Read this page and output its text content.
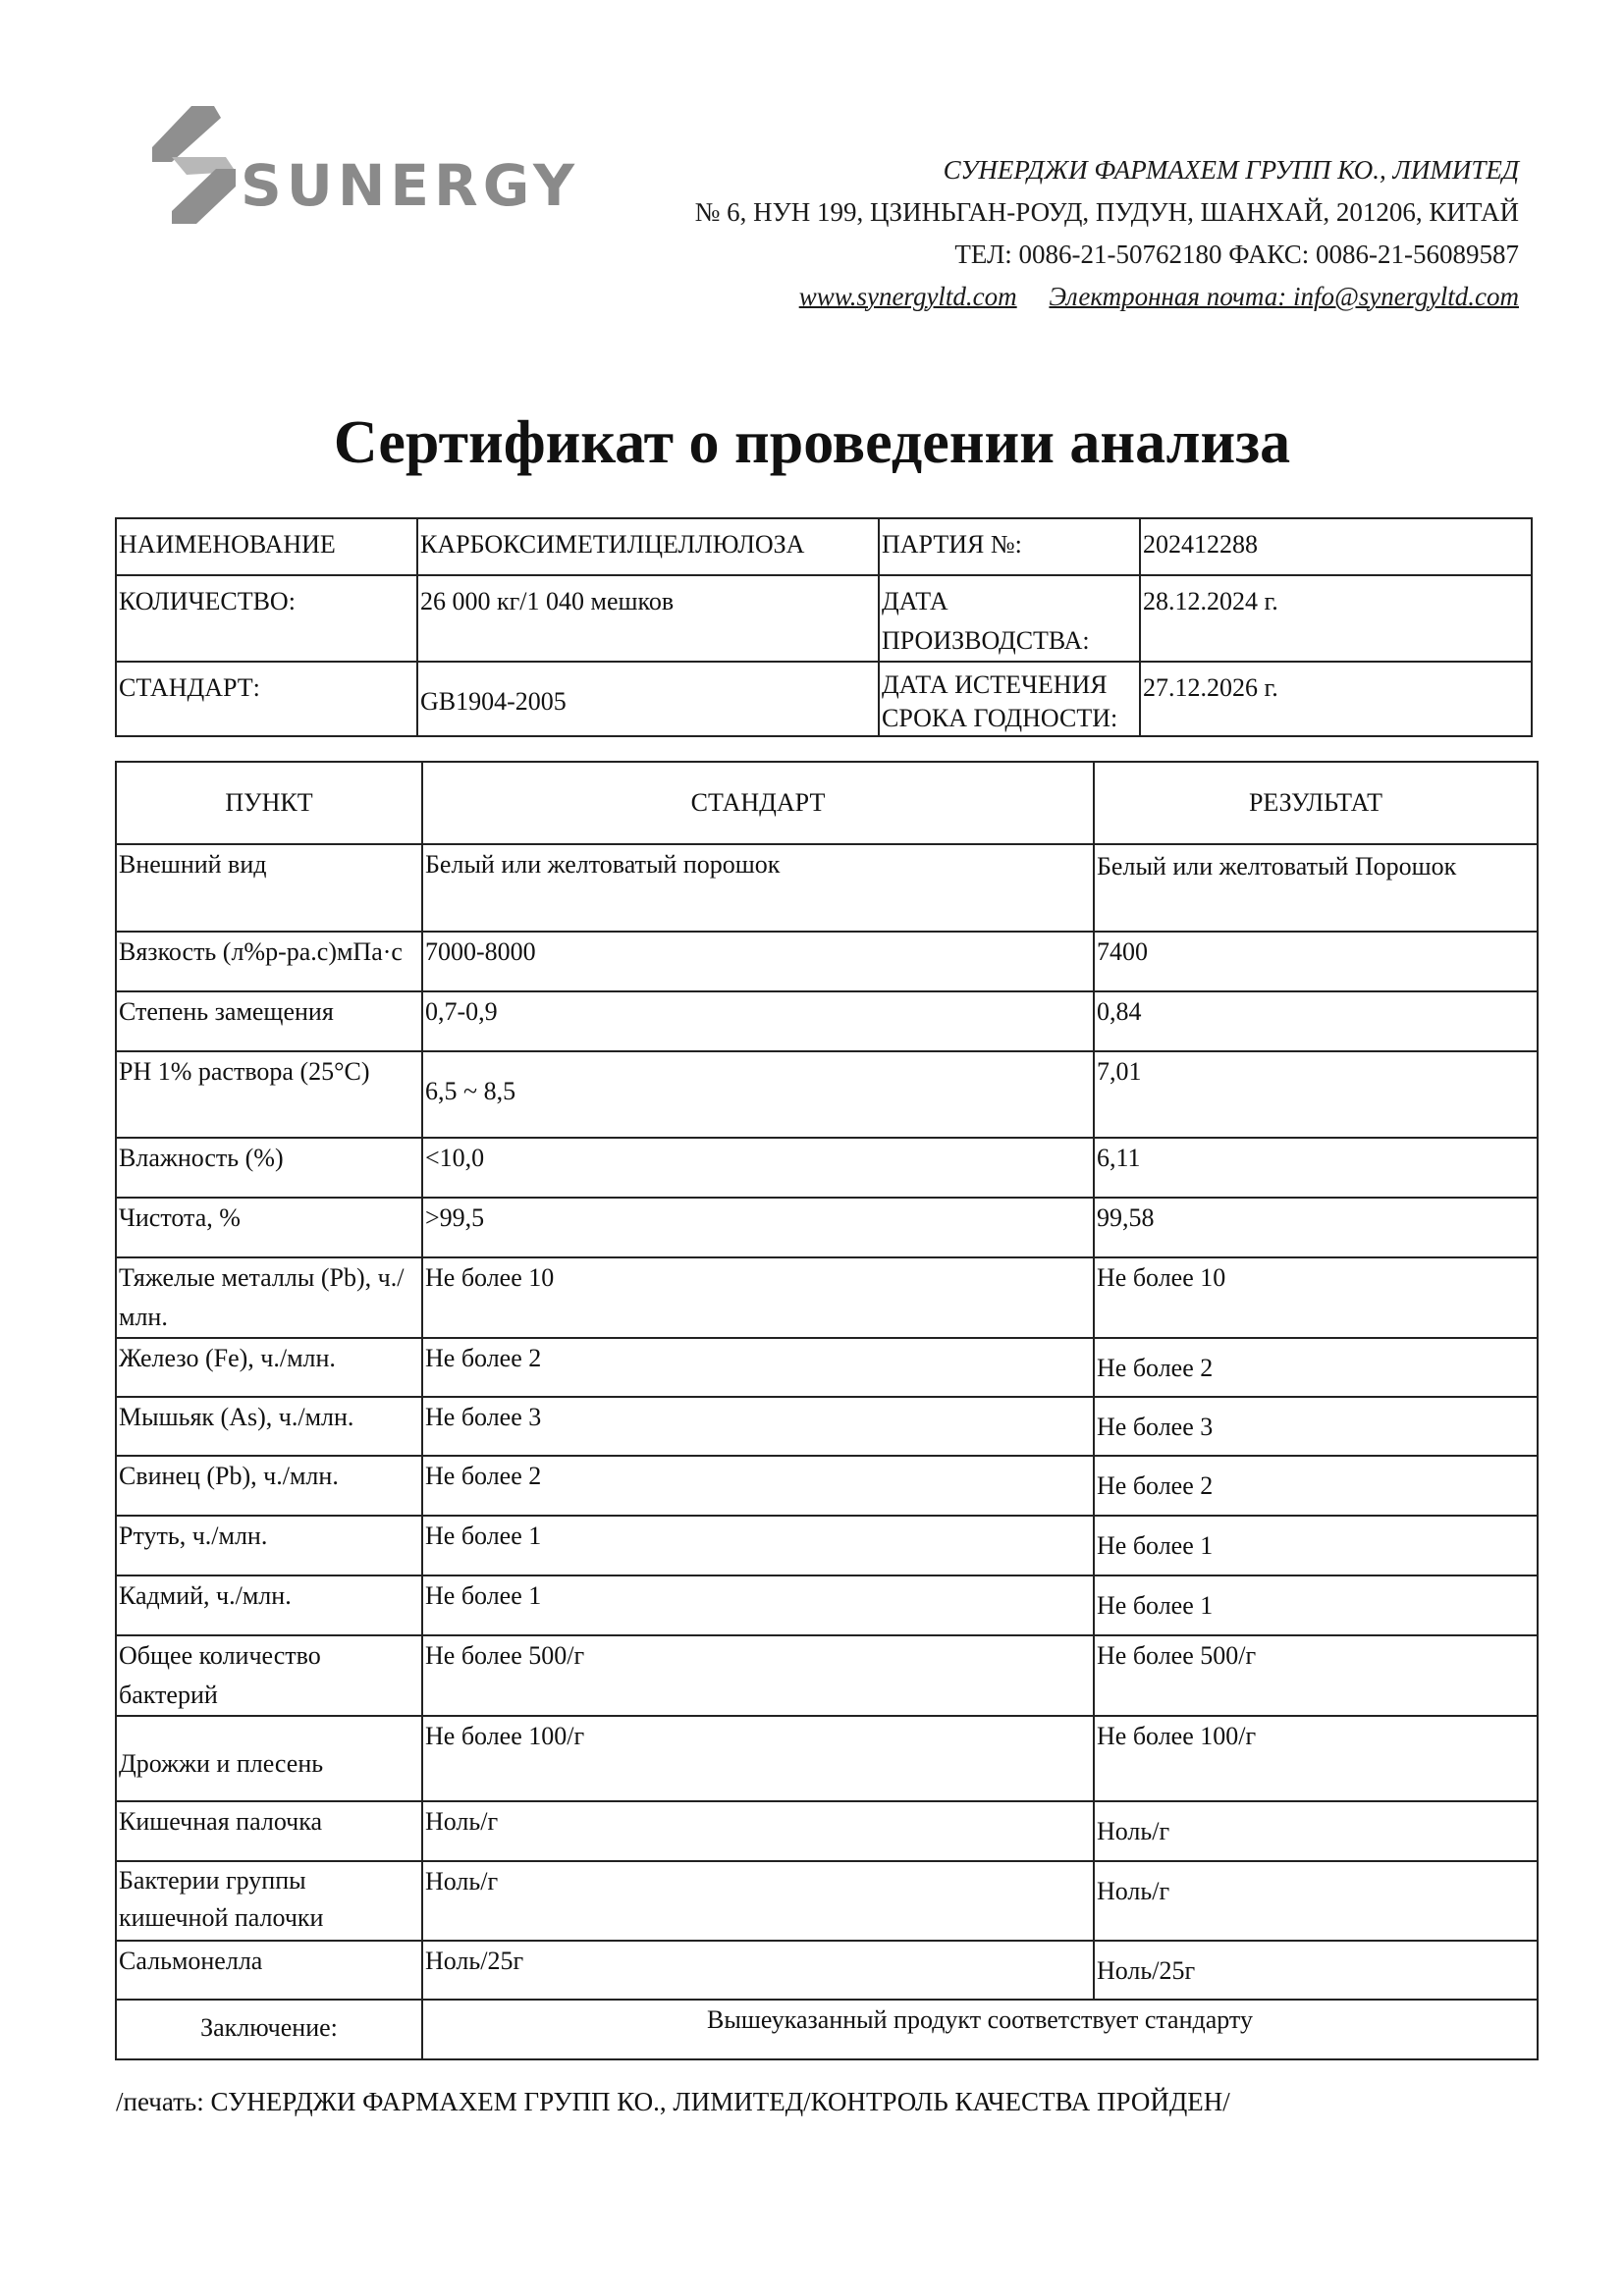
SUNERGY	СУНЕРДЖИ ФАРМАХЕМ ГРУПП КО., ЛИМИТЕД
№ 6, НУН 199, ЦЗИНЬГАН-РОУД, ПУДУН, ШАНХАЙ, 201206, КИТАЙ
ТЕЛ: 0086-21-50762180 ФАКС: 0086-21-56089587
www.synergyltd.com Электронная почта: info@synergyltd.com
Сертификат о проведении анализа
НАИМЕНОВАНИЕ	КАРБОКСИМЕТИЛЦЕЛЛЮЛОЗА	ПАРТИЯ №:	202412288
КОЛИЧЕСТВО:	26 000 кг/1 040 мешков	ДАТА ПРОИЗВОДСТВА:	28.12.2024 г.
СТАНДАРТ:	GB1904-2005	ДАТА ИСТЕЧЕНИЯ СРОКА ГОДНОСТИ:	27.12.2026 г.
ПУНКТ	СТАНДАРТ	РЕЗУЛЬТАТ
Внешний вид	Белый или желтоватый порошок	Белый или желтоватый Порошок
Вязкость (л%р-ра.с)мПа·с	7000-8000	7400
Степень замещения	0,7-0,9	0,84
PH 1% раствора (25°C)	6,5 ~ 8,5	7,01
Влажность (%)	<10,0	6,11
Чистота, %	>99,5	99,58
Тяжелые металлы (Pb), ч./млн.	Не более 10	Не более 10
Железо (Fe), ч./млн.	Не более 2	Не более 2
Мышьяк (As), ч./млн.	Не более 3	Не более 3
Свинец (Pb), ч./млн.	Не более 2	Не более 2
Ртуть, ч./млн.	Не более 1	Не более 1
Кадмий, ч./млн.	Не более 1	Не более 1
Общее количество бактерий	Не более 500/г	Не более 500/г
Дрожжи и плесень	Не более 100/г	Не более 100/г
Кишечная палочка	Ноль/г	Ноль/г
Бактерии группы кишечной палочки	Ноль/г	Ноль/г
Сальмонелла	Ноль/25г	Ноль/25г
Заключение:	Вышеуказанный продукт соответствует стандарту	
/печать: СУНЕРДЖИ ФАРМАХЕМ ГРУПП КО., ЛИМИТЕД/КОНТРОЛЬ КАЧЕСТВА ПРОЙДЕН/
